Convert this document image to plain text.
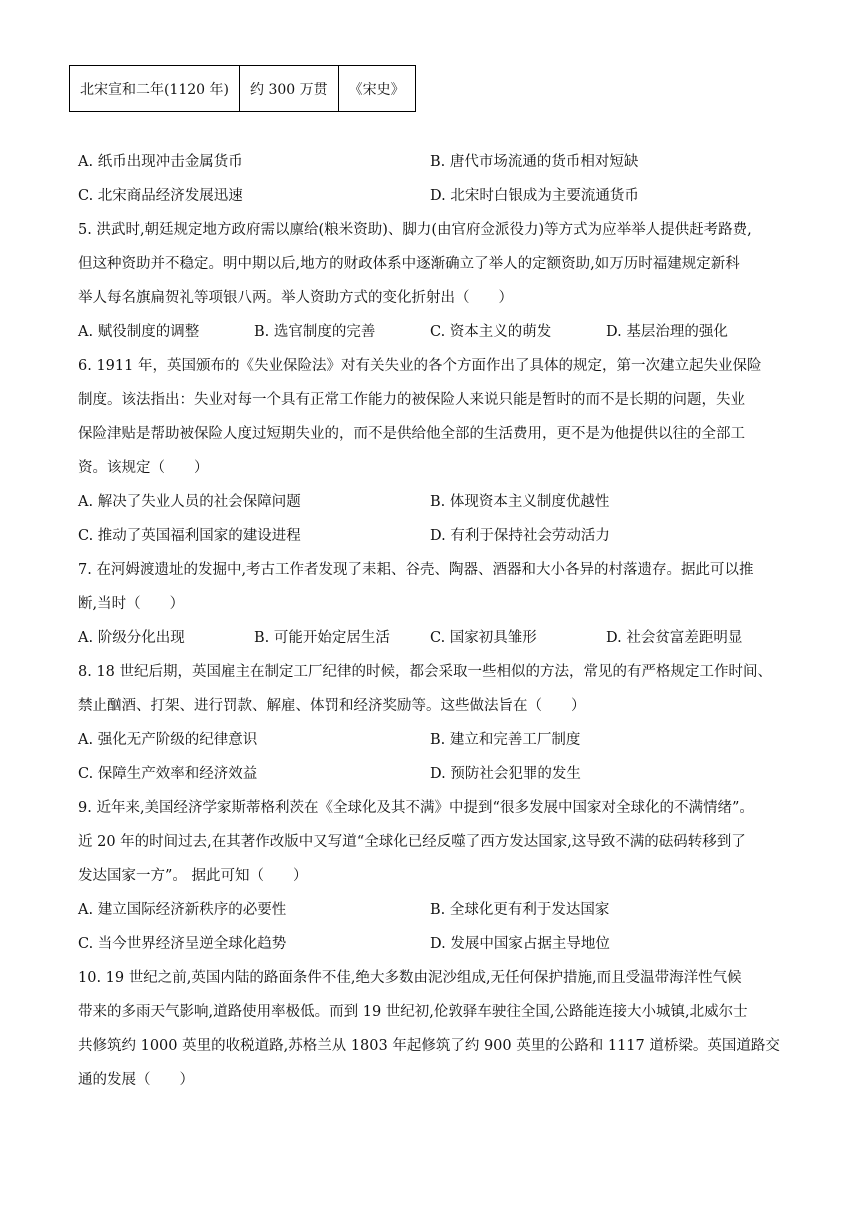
北宋宣和二年(1120 年)	约 300 万贯	《宋史》
A. 纸币出现冲击金属货币	B. 唐代市场流通的货币相对短缺
C. 北宋商品经济发展迅速	D. 北宋时白银成为主要流通货币
5. 洪武时,朝廷规定地方政府需以廪给(粮米资助)、脚力(由官府佥派役力)等方式为应举举人提供赶考路费,
但这种资助并不稳定。明中期以后,地方的财政体系中逐渐确立了举人的定额资助,如万历时福建规定新科
举人每名旗扁贺礼等项银八两。举人资助方式的变化折射出（　　）
A. 赋役制度的调整	B. 选官制度的完善	C. 资本主义的萌发	D. 基层治理的强化
6. 1911 年，英国颁布的《失业保险法》对有关失业的各个方面作出了具体的规定，第一次建立起失业保险
制度。该法指出：失业对每一个具有正常工作能力的被保险人来说只能是暂时的而不是长期的问题，失业
保险津贴是帮助被保险人度过短期失业的，而不是供给他全部的生活费用，更不是为他提供以往的全部工
资。该规定（　　）
A. 解决了失业人员的社会保障问题	B. 体现资本主义制度优越性
C. 推动了英国福利国家的建设进程	D. 有利于保持社会劳动活力
7. 在河姆渡遗址的发掘中,考古工作者发现了耒耜、谷壳、陶器、酒器和大小各异的村落遗存。据此可以推
断,当时（　　）
A. 阶级分化出现	B. 可能开始定居生活	C. 国家初具雏形	D. 社会贫富差距明显
8. 18 世纪后期，英国雇主在制定工厂纪律的时候，都会采取一些相似的方法，常见的有严格规定工作时间、
禁止酗酒、打架、进行罚款、解雇、体罚和经济奖励等。这些做法旨在（　　）
A. 强化无产阶级的纪律意识	B. 建立和完善工厂制度
C. 保障生产效率和经济效益	D. 预防社会犯罪的发生
9. 近年来,美国经济学家斯蒂格利茨在《全球化及其不满》中提到“很多发展中国家对全球化的不满情绪”。
近 20 年的时间过去,在其著作改版中又写道“全球化已经反噬了西方发达国家,这导致不满的砝码转移到了
发达国家一方”。 据此可知（　　）
A. 建立国际经济新秩序的必要性	B. 全球化更有利于发达国家
C. 当今世界经济呈逆全球化趋势	D. 发展中国家占据主导地位
10. 19 世纪之前,英国内陆的路面条件不佳,绝大多数由泥沙组成,无任何保护措施,而且受温带海洋性气候
带来的多雨天气影响,道路使用率极低。而到 19 世纪初,伦敦驿车驶往全国,公路能连接大小城镇,北威尔士
共修筑约 1000 英里的收税道路,苏格兰从 1803 年起修筑了约 900 英里的公路和 1117 道桥梁。英国道路交
通的发展（　　）
